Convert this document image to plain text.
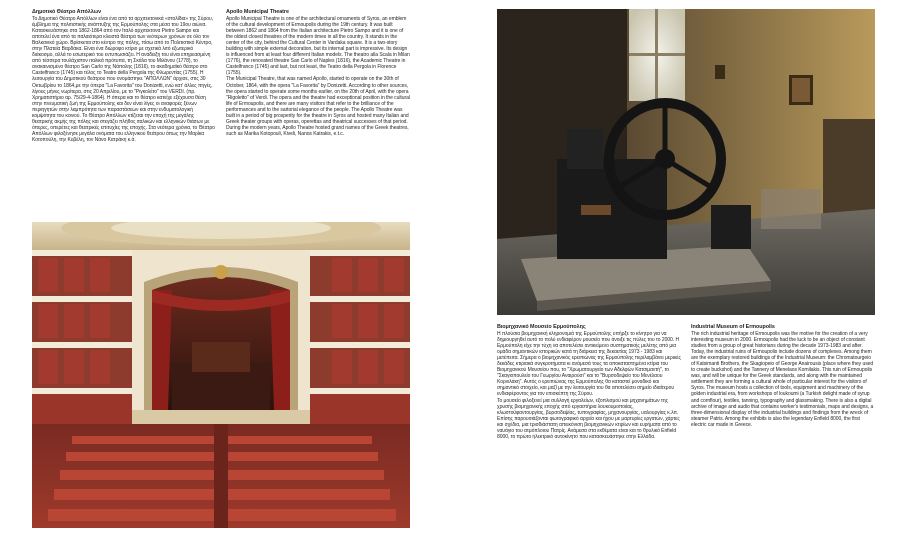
Δημοτικό Θέατρο Απόλλων

Το Δημοτικό Θέατρο Απόλλων είναι ένα από τα αρχιτεκτονικά «στολίδια» της Σύρου, έμβλημα της πολιτιστικής ανάπτυξης της Ερμούπολης στα μέσα του 19ου αιώνα. Κατασκευάστηκε στα 1862-1864 από τον Ιταλό αρχιτέκτονα Pietro Sampo και αποτελεί ένα από τα παλαιότερα κλειστά θέατρα των νεότερων χρόνων σε όλο τον Βαλκανικό χώρο. Βρίσκεται στο κέντρο της πόλης, πίσω από το Πολιτιστικό Κέντρο, στην Πλατεία Βαρδάκα. Είναι ένα διώροφο κτίριο με σχετικά λιτό εξωτερικό διάκοσμο, αλλά το εσωτερικό του εντυπωσιάζει. Η ανάδειξη του είναι επηρεασμένη από τέσσερα τουλάχιστον ιταλικά πρότυπα, τη Σκάλα του Μιλάνου (1778), το ανακαινισμένο θέατρο San Carlo της Νάπολης (1816), το ακαδημαϊκό θέατρο στο Castelfranco (1745) και τέλος το Teatro della Pergola της Φλωρεντίας (1755). Η λειτουργία του Δημοτικού θεάτρου που ονομάστηκε "ΑΠΟΛΛΩΝ" άρχισε, στις 30 Οκτωβρίου το 1864,με την όπερα "La Favorita" του Donizetti, ενώ κατ' άλλες πηγές, λίγους μήνες νωρίτερα, στις 20 Απριλίου, με το "Ριγκολέτο" του VERDI. (πρ. Χρηματιστήριο αρ. 75/29-4-1864). Η όπερα και το θέατρο κατείχε εξέχουσα θέση στην πνευματική ζωή της Ερμούπολης και δεν είναι λίγες οι αναφορές ξένων περιηγητών στην λαμπρότητα των παραστάσεων και στην ενδυματολογική κομψότητα του κοινού. Το Θέατρο Απόλλων κτίζεται την εποχή της μεγάλης θεατρικής ακμής της πόλης και στεγάζει πλήθος ιταλικών και ελληνικών θιάσων με όπερες, οπερέτες και θεατρικές επιτυχίες της εποχής. Στα νεότερα χρόνια, το Θέατρο Απόλλων φιλοξένησε μεγάλα ονόματα του ελληνικού θεάτρου όπως την Μαρίκα Κοτοπούλη, την Κυβέλη, τον Νάνο Κατράκη κ.ά.

Apollo Municipal Theatre

Apollo Municipal Theatre is one of the architectural ornaments of Syros, an emblem of the cultural development of Ermoupolis during the 19th century. It was built between 1862 and 1864 from the Italian architecture Pietro Sampo and it is one of the oldest closed theatres of the modern times in all the country. It stands in the center of the city, behind the Cultural Center in Vardaka square. It is a two-story building with simple external decoration, but its internal part is impressive. Its design is influenced from at least four different Italian models. The theatro alla Scala in Milan (1776), the renovated theatre San Carlo of Naples (1816), the Academic Theatre in Castelfranco (1745) and last, but not least, the Teatro della Pergola in Florence (1755).

The Municipal Theatre, that was named Apollo, started to operate on the 30th of October, 1864, with the opera "La Favorita" by Donizetti. According to other sources, the opera started to operate some months earlier, on the 20th of April, with the opera "Rigoletto" of Verdi. The opera and the theatre had exceptional position in the cultural life of Ermoupolis, and there are many visitors that refer to the brilliance of the performances and to the sartorial elegance of the people. The Apollo Theatre was built in a period of big prosperity for the theatre in Syros and hosted many Italian and Greek theater groups with operas, operettas and theatrical successes of that period. During the modern years, Apollo Theatre hosted grand names of the Greek theatres, such as Marika Kotopouli, Kiveli, Nanos Katrakis, e.t.c.

Βιομηχανικό Μουσείο Ερμούπολης

Η πλούσια βιομηχανική κληρονομιά της Ερμούπολης υπήρξε το κίνητρο για να δημιουργηθεί αυτό το πολύ ενδιαφέρον μουσείο που άνοιξε τις πύλες του το 2000. Η Ερμούπολη είχε την τύχη να αποτελέσει αντικείμενο συστηματικής μελέτης από μια ομάδα σημαντικών ιστορικών κατά τη διάρκεια της δεκαετίας 1973 - 1983 και μετέπειτα. Σήμερα ο βιομηχανικός ερειπιώνας της Ερμούπολης περιλαμβάνει μερικές δεκάδες κτιριακά συγκροτήματα κι ανάμεσά τους τα αποκαταστημένα κτίρια του Βιομηχανικού Μουσείου που, το "Χρωματουργείο των Αδελφών Κατσιμαντή", το "Σκαγιοπουλείο του Γεωργίου Αναιρούσι" και το "Βυρσοδεψείο του Μενέλαου Κορνιλάκη". Αυτός ο ερειπιώνας της Ερμούπολης θα καταστεί μοναδικό και σημαντικό στοιχείο, και μαζί με την λειτουργία του θα αποτελέσει σημείο ιδιαίτερου ενδιαφέροντος για τον επισκέπτη της Σύρου.

Το μουσείο φιλοξενεί μια συλλογή εργαλείων, εξοπλισμού και μηχανημάτων της χρυσής βιομηχανικής εποχής από εργαστήρια λουκουμοποιίας, κλωστοϋφαντουργίας, βυρσοδεψίας, τυπογραφίας, μηχανουργίας, υαλουργίας κ.λπ. Επίσης παρουσιάζονται φωτογραφικό αρχείο και ήχου με μαρτυρίες εργατών, χάρτες και σχέδια, μια τρισδιάστατη απεικόνιση βιομηχανικών κτιρίων και ευρήματα από το ναυάγιο του ατμόπλοιου Πατρίς. Ανάμεσα στα εκθέματα είναι και το θρυλικό Enfield 8000, το πρώτο ηλεκτρικό αυτοκίνητο που κατασκευάστηκε στην Ελλάδα.

Industrial Museum of Ermoupolis

The rich industrial heritage of Ermoupolis was the motive for the creation of a very interesting museum in 2000. Ermoupolis had the luck to be an object of constant studies from a group of great historians during the decade 1973-1983 and after. Today, the industrial ruins of Ermoupolis include dozens of complexes. Among them are the exemplary restored buildings of the Industrial Museum: the Chromatourgeio of Katsimanti Brothers, the Skagiopeio of George Anairousis (place where they used to create buckshot) and the Tannery of Menelaos Kornilakis. This ruin of Ermoupolis was, and will be unique for the Greek standards, and along with the maintained settlement they are forming a cultural whole of particular interest for the visitors of Syros. The museum hosts a collection of tools, equipment and machinery of the golden industrial era, from workshops of loukoumi (a Turkish delight made of syrup and cornflour), textiles, tanning, typography and glassmaking. There is also a digital archive of image and audio that contains worker's testimonials, maps and designs, a three-dimensional display of the industrial buildings and findings from the wreck of steamer Patris. Among the exhibits is also the legendary Enfield 8000, the first electric car made in Greece.
